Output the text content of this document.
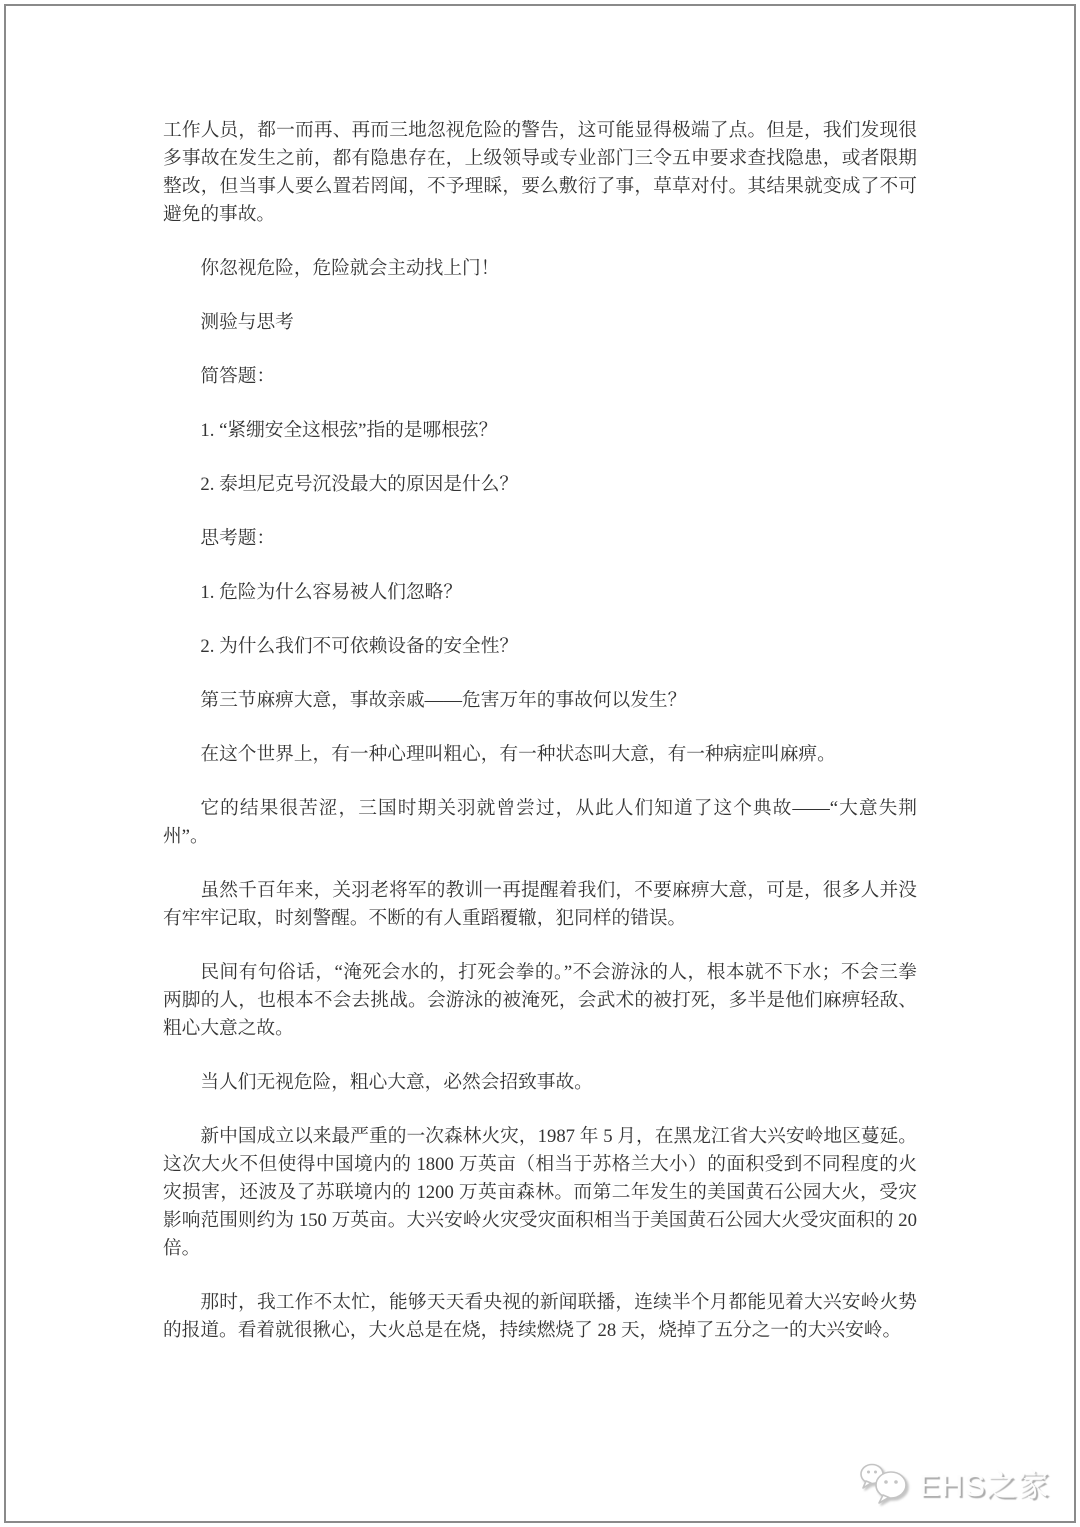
工作人员，都一而再、再而三地忽视危险的警告，这可能显得极端了点。但是，我们发现很多事故在发生之前，都有隐患存在，上级领导或专业部门三令五申要求查找隐患，或者限期整改，但当事人要么置若罔闻，不予理睬，要么敷衍了事，草草对付。其结果就变成了不可避免的事故。

你忽视危险，危险就会主动找上门！

测验与思考

简答题：

1. “紧绷安全这根弦”指的是哪根弦？

2. 泰坦尼克号沉没最大的原因是什么？

思考题：

1. 危险为什么容易被人们忽略？

2. 为什么我们不可依赖设备的安全性？

第三节麻痹大意，事故亲戚——危害万年的事故何以发生？

在这个世界上，有一种心理叫粗心，有一种状态叫大意，有一种病症叫麻痹。

它的结果很苦涩，三国时期关羽就曾尝过，从此人们知道了这个典故——“大意失荆州”。

虽然千百年来，关羽老将军的教训一再提醒着我们，不要麻痹大意，可是，很多人并没有牢牢记取，时刻警醒。不断的有人重蹈覆辙，犯同样的错误。

民间有句俗话，“淹死会水的，打死会拳的。”不会游泳的人，根本就不下水；不会三拳两脚的人，也根本不会去挑战。会游泳的被淹死，会武术的被打死，多半是他们麻痹轻敌、粗心大意之故。

当人们无视危险，粗心大意，必然会招致事故。

新中国成立以来最严重的一次森林火灾，1987 年 5 月，在黑龙江省大兴安岭地区蔓延。这次大火不但使得中国境内的 1800 万英亩（相当于苏格兰大小）的面积受到不同程度的火灾损害，还波及了苏联境内的 1200 万英亩森林。而第二年发生的美国黄石公园大火，受灾影响范围则约为 150 万英亩。大兴安岭火灾受灾面积相当于美国黄石公园大火受灾面积的 20 倍。

那时，我工作不太忙，能够天天看央视的新闻联播，连续半个月都能见着大兴安岭火势的报道。看着就很揪心，大火总是在烧，持续燃烧了 28 天，烧掉了五分之一的大兴安岭。

EHS之家
